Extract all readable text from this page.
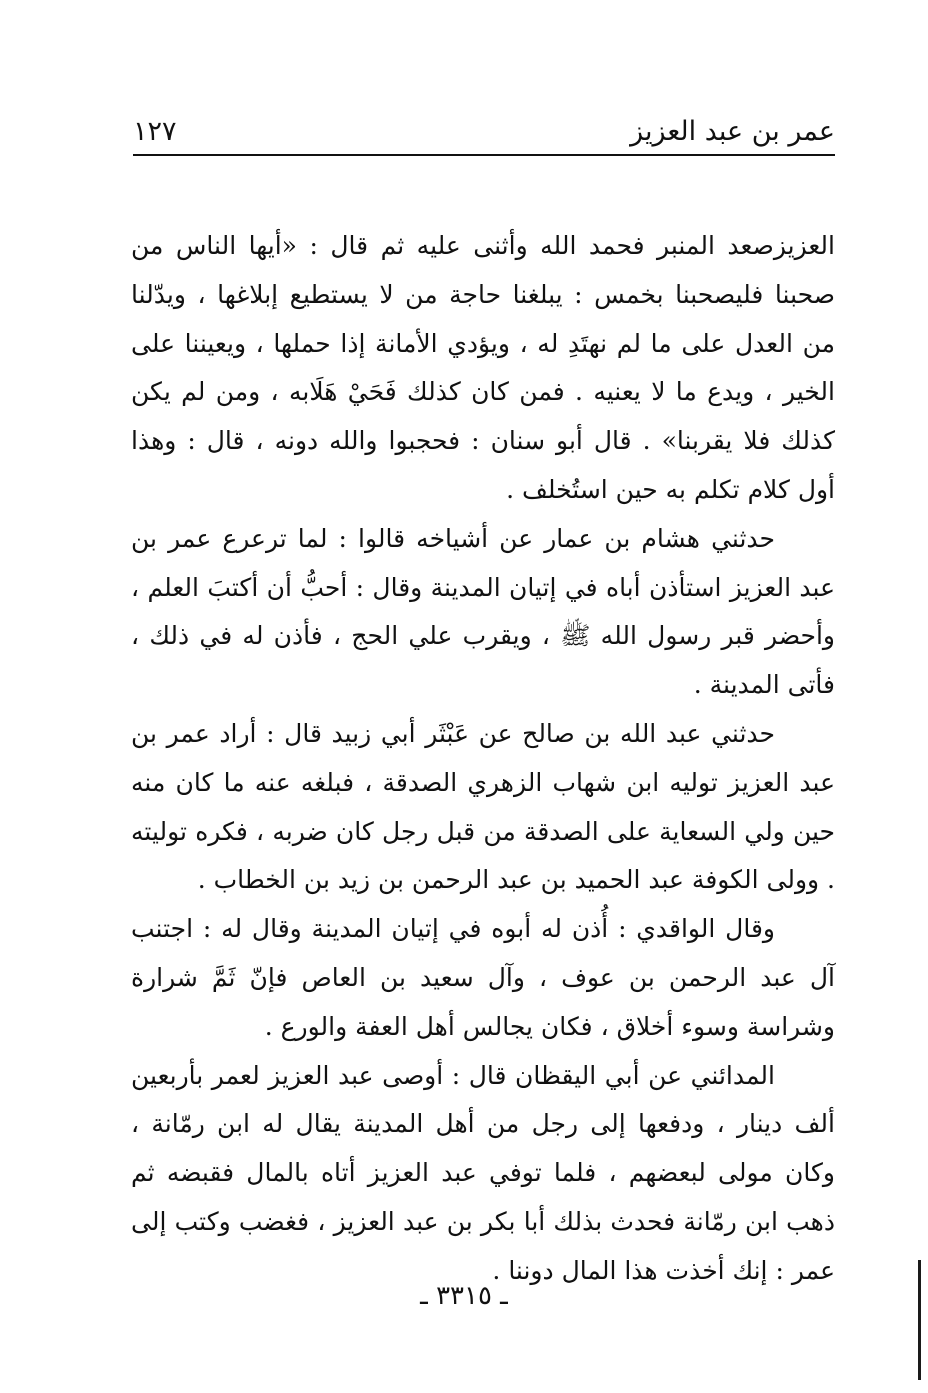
عمر بن عبد العزيز
١٢٧

العزيزصعد المنبر فحمد الله وأثنى عليه ثم قال : «أيها الناس من صحبنا فليصحبنا بخمس : يبلغنا حاجة من لا يستطيع إبلاغها ، ويدّلنا من العدل على ما لم نهتَدِ له ، ويؤدي الأمانة إذا حملها ، ويعيننا على الخير ، ويدع ما لا يعنيه . فمن كان كذلك فَحَيْ هَلَابه ، ومن لم يكن كذلك فلا يقربنا» . قال أبو سنان : فحجبوا والله دونه ، قال : وهذا أول كلام تكلم به حين استُخلف .

حدثني هشام بن عمار عن أشياخه قالوا : لما ترعرع عمر بن عبد العزيز استأذن أباه في إتيان المدينة وقال : أحبُّ أن أكتبَ العلم ، وأحضر قبر رسول الله ﷺ ، ويقرب علي الحج ، فأذن له في ذلك ، فأتى المدينة .

حدثني عبد الله بن صالح عن عَبْثَر أبي زبيد قال : أراد عمر بن عبد العزيز توليه ابن شهاب الزهري الصدقة ، فبلغه عنه ما كان منه حين ولي السعاية على الصدقة من قبل رجل كان ضربه ، فكره توليته . وولى الكوفة عبد الحميد بن عبد الرحمن بن زيد بن الخطاب .

وقال الواقدي : أُذن له أبوه في إتيان المدينة وقال له : اجتنب آل عبد الرحمن بن عوف ، وآل سعيد بن العاص فإنّ ثَمَّ شرارة وشراسة وسوء أخلاق ، فكان يجالس أهل العفة والورع .

المدائني عن أبي اليقظان قال : أوصى عبد العزيز لعمر بأربعين ألف دينار ، ودفعها إلى رجل من أهل المدينة يقال له ابن رمّانة ، وكان مولى لبعضهم ، فلما توفي عبد العزيز أتاه بالمال فقبضه ثم ذهب ابن رمّانة فحدث بذلك أبا بكر بن عبد العزيز ، فغضب وكتب إلى عمر : إنك أخذت هذا المال دوننا .

ـ ٣٣١٥ ـ
